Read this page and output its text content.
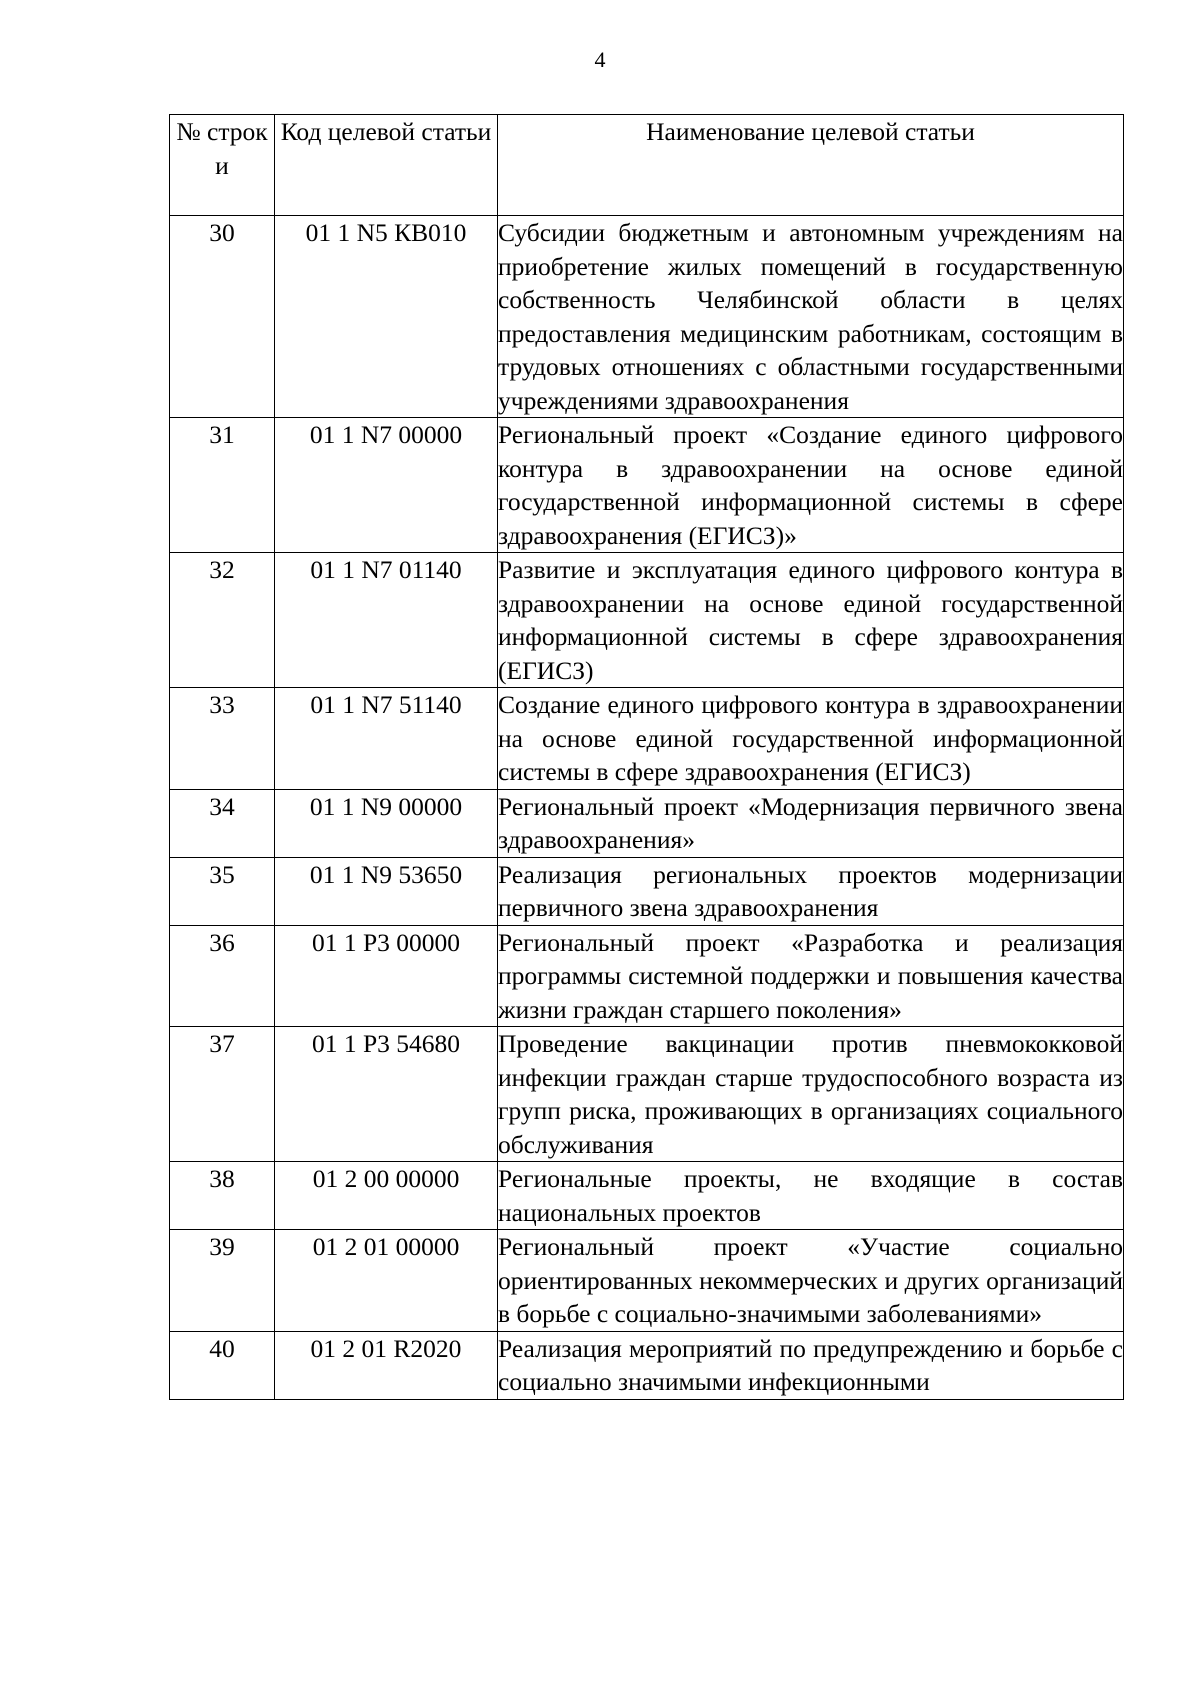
4
№ строк и	Код целевой статьи	Наименование целевой статьи
30	01 1 N5 КВ010	Субсидии бюджетным и автономным учреждениям на приобретение жилых помещений в государственную собственность Челябинской области в целях предоставления медицинским работникам, состоящим в трудовых отношениях с областными государственными учреждениями здравоохранения
31	01 1 N7 00000	Региональный проект «Создание единого цифрового контура в здравоохранении на основе единой государственной информационной системы в сфере здравоохранения (ЕГИСЗ)»
32	01 1 N7 01140	Развитие и эксплуатация единого цифрового контура в здравоохранении на основе единой государственной информационной системы в сфере здравоохранения (ЕГИСЗ)
33	01 1 N7 51140	Создание единого цифрового контура в здравоохранении на основе единой государственной информационной системы в сфере здравоохранения (ЕГИСЗ)
34	01 1 N9 00000	Региональный проект «Модернизация первичного звена здравоохранения»
35	01 1 N9 53650	Реализация региональных проектов модернизации первичного звена здравоохранения
36	01 1 P3 00000	Региональный проект «Разработка и реализация программы системной поддержки и повышения качества жизни граждан старшего поколения»
37	01 1 P3 54680	Проведение вакцинации против пневмококковой инфекции граждан старше трудоспособного возраста из групп риска, проживающих в организациях социального обслуживания
38	01 2 00 00000	Региональные проекты, не входящие в состав национальных проектов
39	01 2 01 00000	Региональный проект «Участие социально ориентированных некоммерческих и других организаций в борьбе с социально-значимыми заболеваниями»
40	01 2 01 R2020	Реализация мероприятий по предупреждению и борьбе с социально значимыми инфекционными
